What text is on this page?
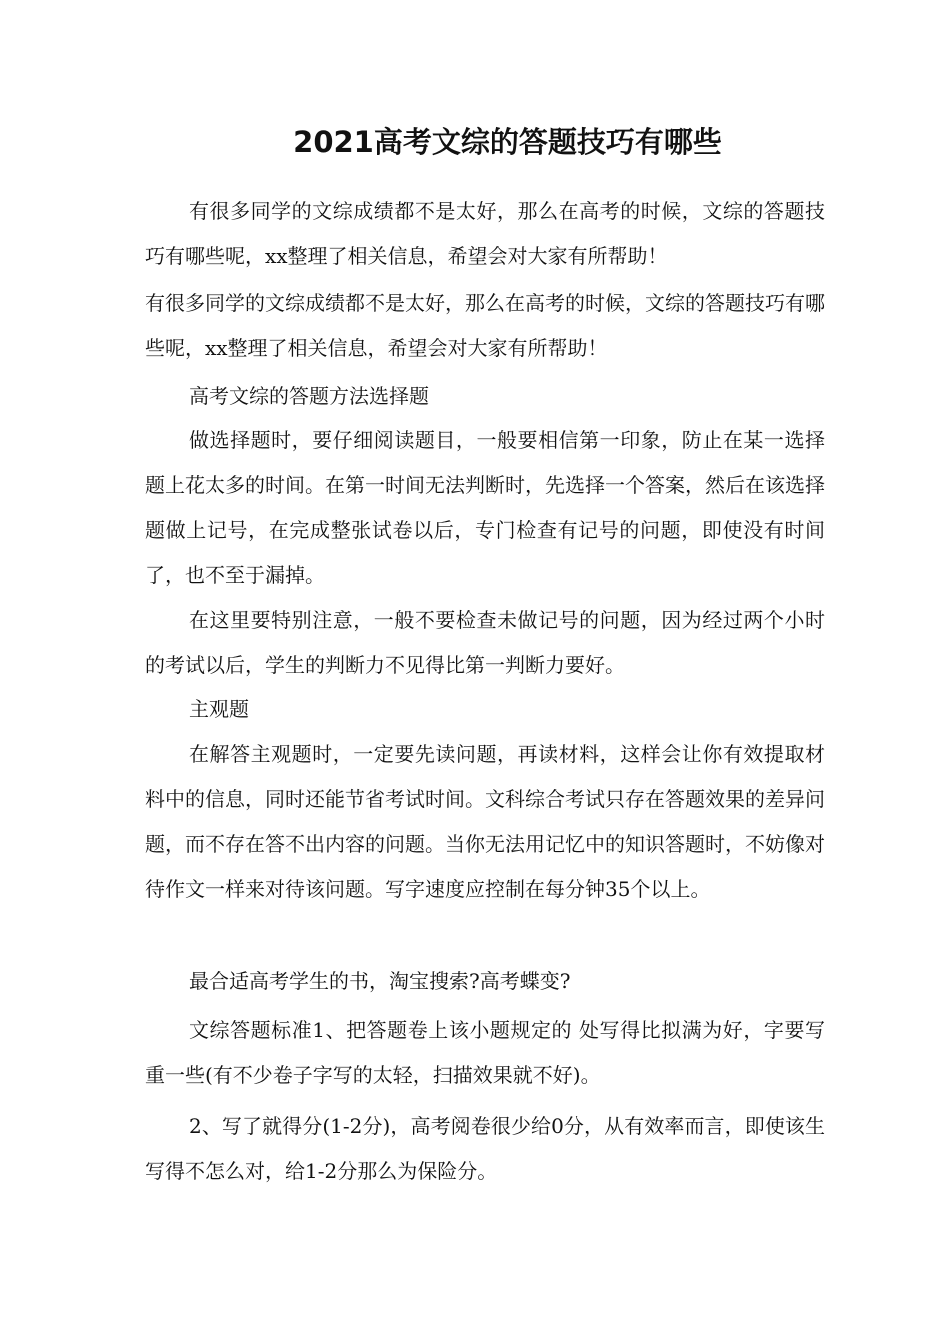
2021高考文综的答题技巧有哪些
有很多同学的文综成绩都不是太好，那么在高考的时候，文综的答题技巧有哪些呢，xx整理了相关信息，希望会对大家有所帮助！
有很多同学的文综成绩都不是太好，那么在高考的时候，文综的答题技巧有哪些呢，xx整理了相关信息，希望会对大家有所帮助！
高考文综的答题方法选择题
做选择题时，要仔细阅读题目，一般要相信第一印象，防止在某一选择题上花太多的时间。在第一时间无法判断时，先选择一个答案，然后在该选择题做上记号，在完成整张试卷以后，专门检查有记号的问题，即使没有时间了，也不至于漏掉。
在这里要特别注意，一般不要检查未做记号的问题，因为经过两个小时的考试以后，学生的判断力不见得比第一判断力要好。
主观题
在解答主观题时，一定要先读问题，再读材料，这样会让你有效提取材料中的信息，同时还能节省考试时间。文科综合考试只存在答题效果的差异问题，而不存在答不出内容的问题。当你无法用记忆中的知识答题时，不妨像对待作文一样来对待该问题。写字速度应控制在每分钟35个以上。
最合适高考学生的书，淘宝搜索?高考蝶变?
文综答题标准1、把答题卷上该小题规定的 处写得比拟满为好，字要写重一些(有不少卷子字写的太轻，扫描效果就不好)。
2、写了就得分(1-2分)，高考阅卷很少给0分，从有效率而言，即使该生写得不怎么对，给1-2分那么为保险分。
